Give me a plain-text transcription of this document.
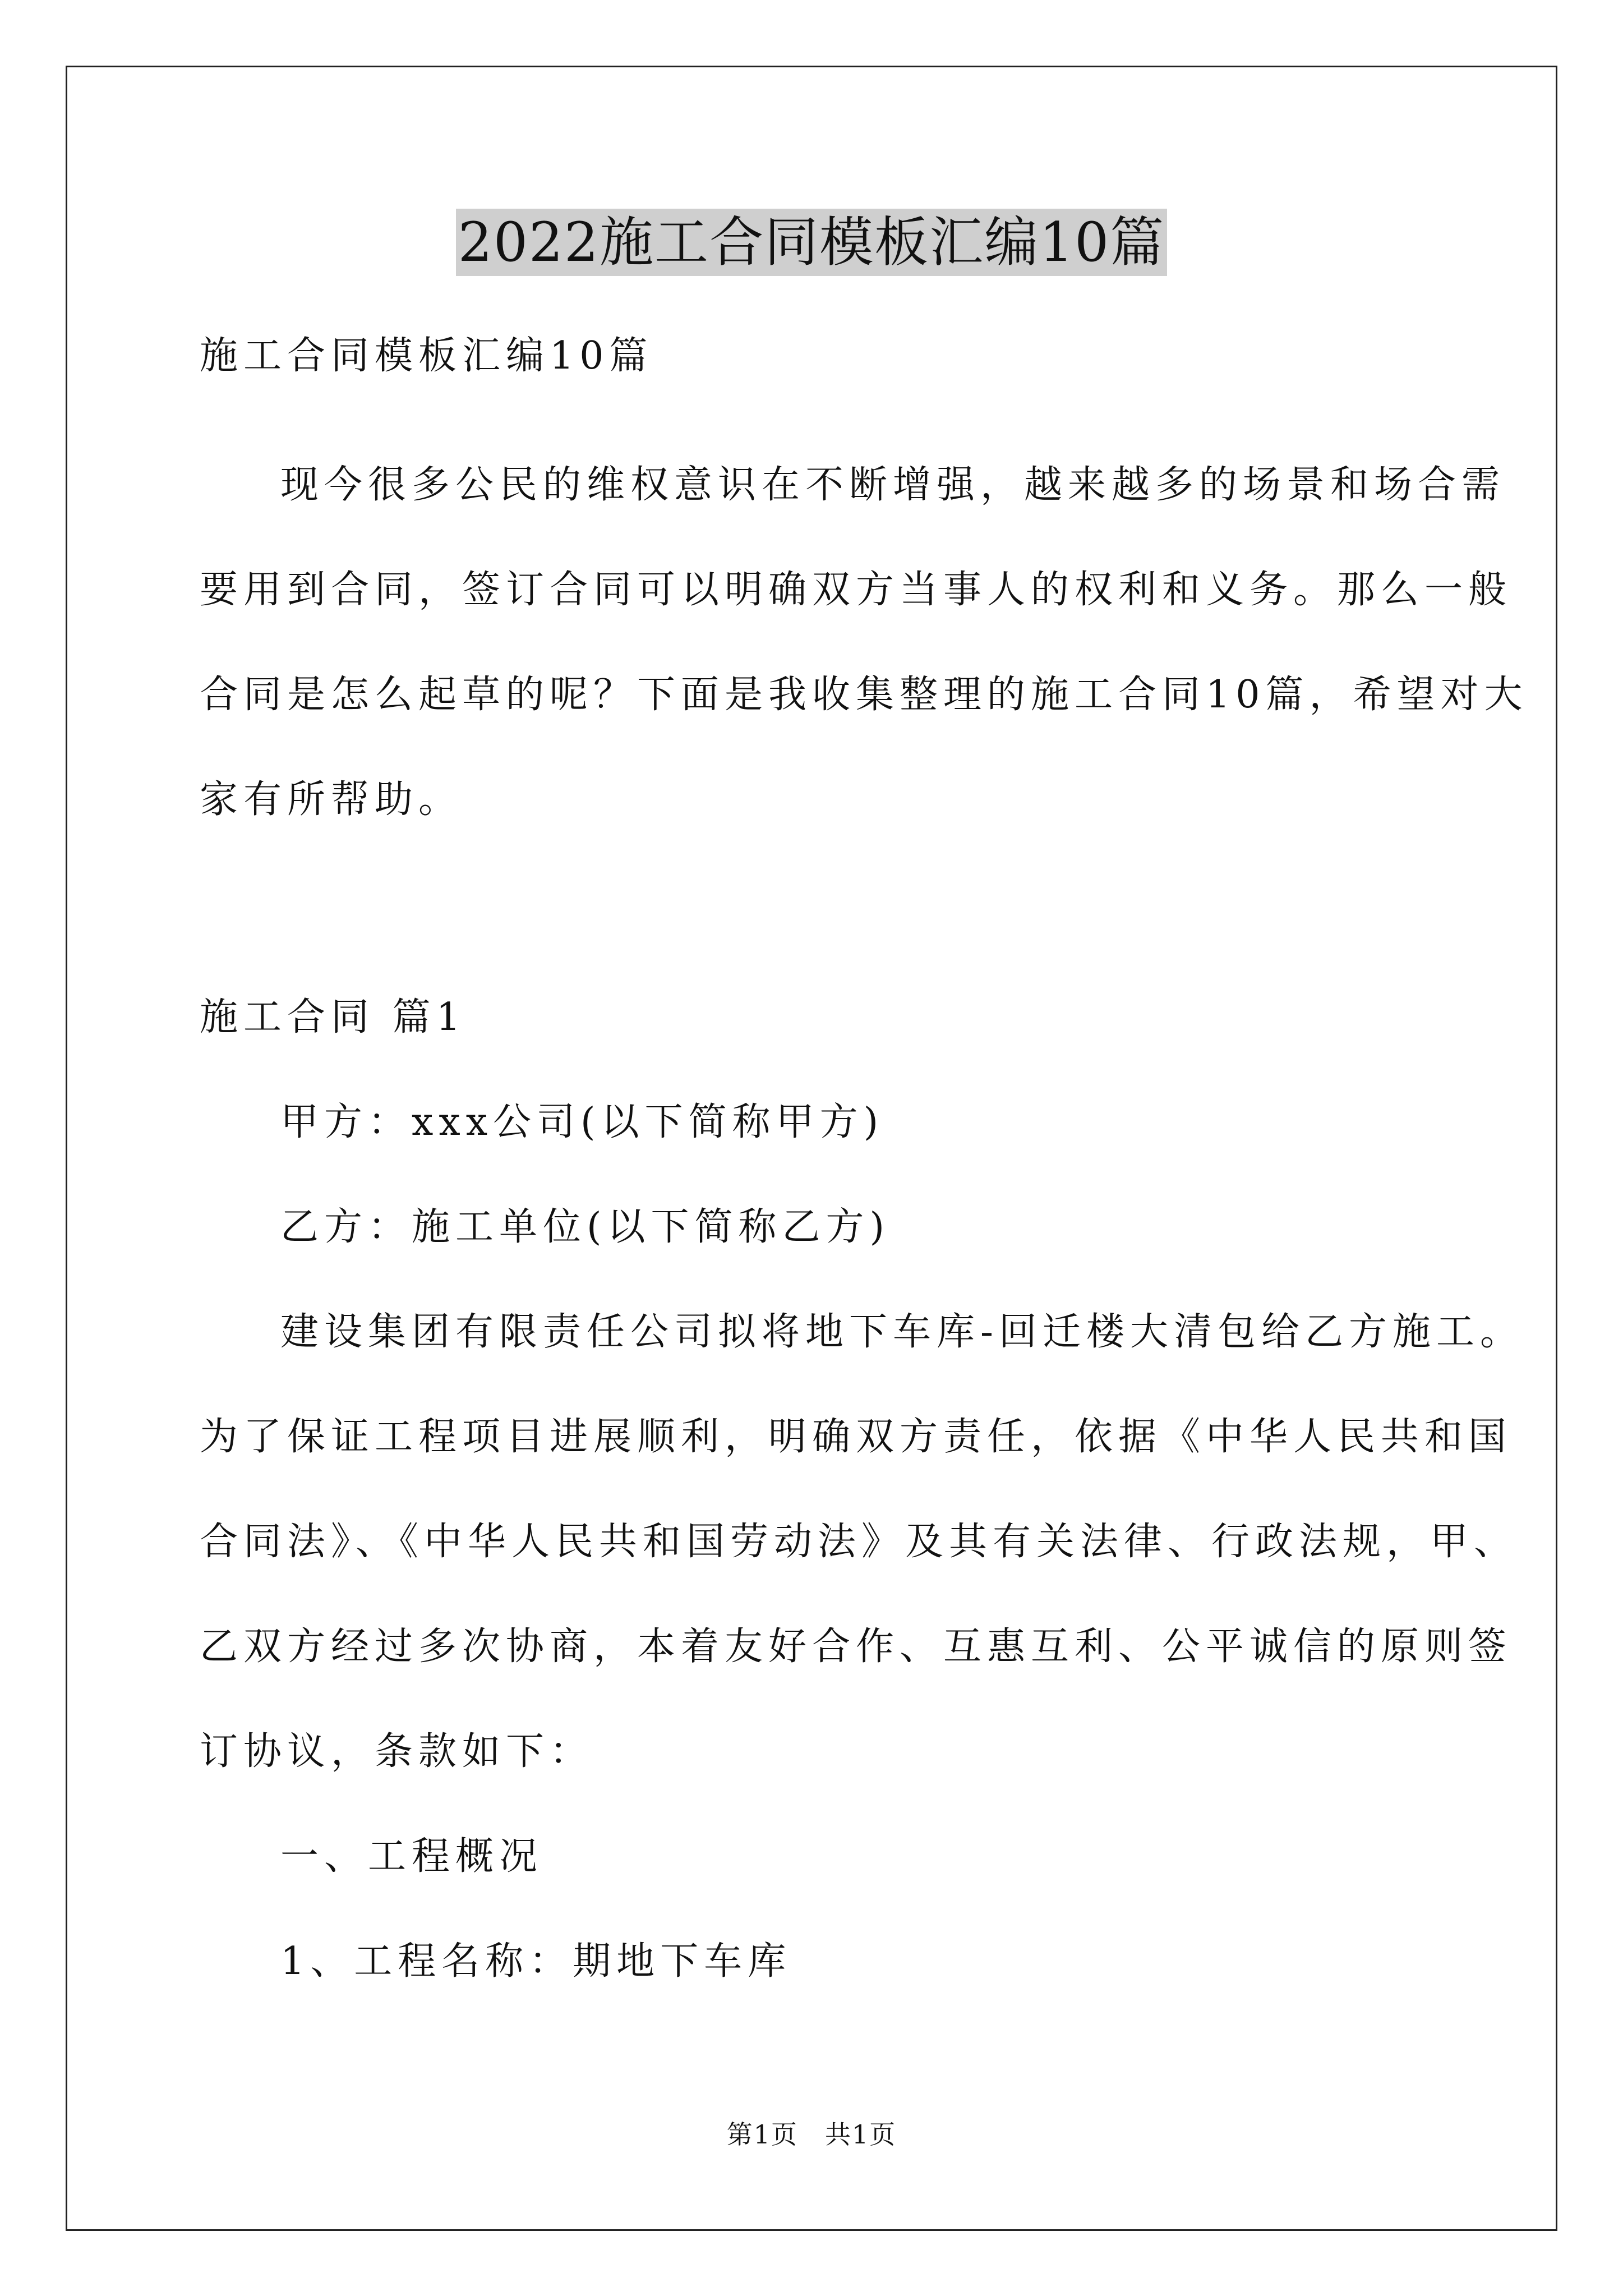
2022施工合同模板汇编10篇
施工合同模板汇编10篇
现今很多公民的维权意识在不断增强，越来越多的场景和场合需
要用到合同，签订合同可以明确双方当事人的权利和义务。那么一般
合同是怎么起草的呢？下面是我收集整理的施工合同10篇，希望对大
家有所帮助。
施工合同 篇1
甲方：xxx公司(以下简称甲方)
乙方：施工单位(以下简称乙方)
建设集团有限责任公司拟将地下车库-回迁楼大清包给乙方施工。
为了保证工程项目进展顺利，明确双方责任，依据《中华人民共和国
合同法》、《中华人民共和国劳动法》及其有关法律、行政法规，甲、
乙双方经过多次协商，本着友好合作、互惠互利、公平诚信的原则签
订协议，条款如下：
一、工程概况
1、工程名称：期地下车库
第1页　共1页
